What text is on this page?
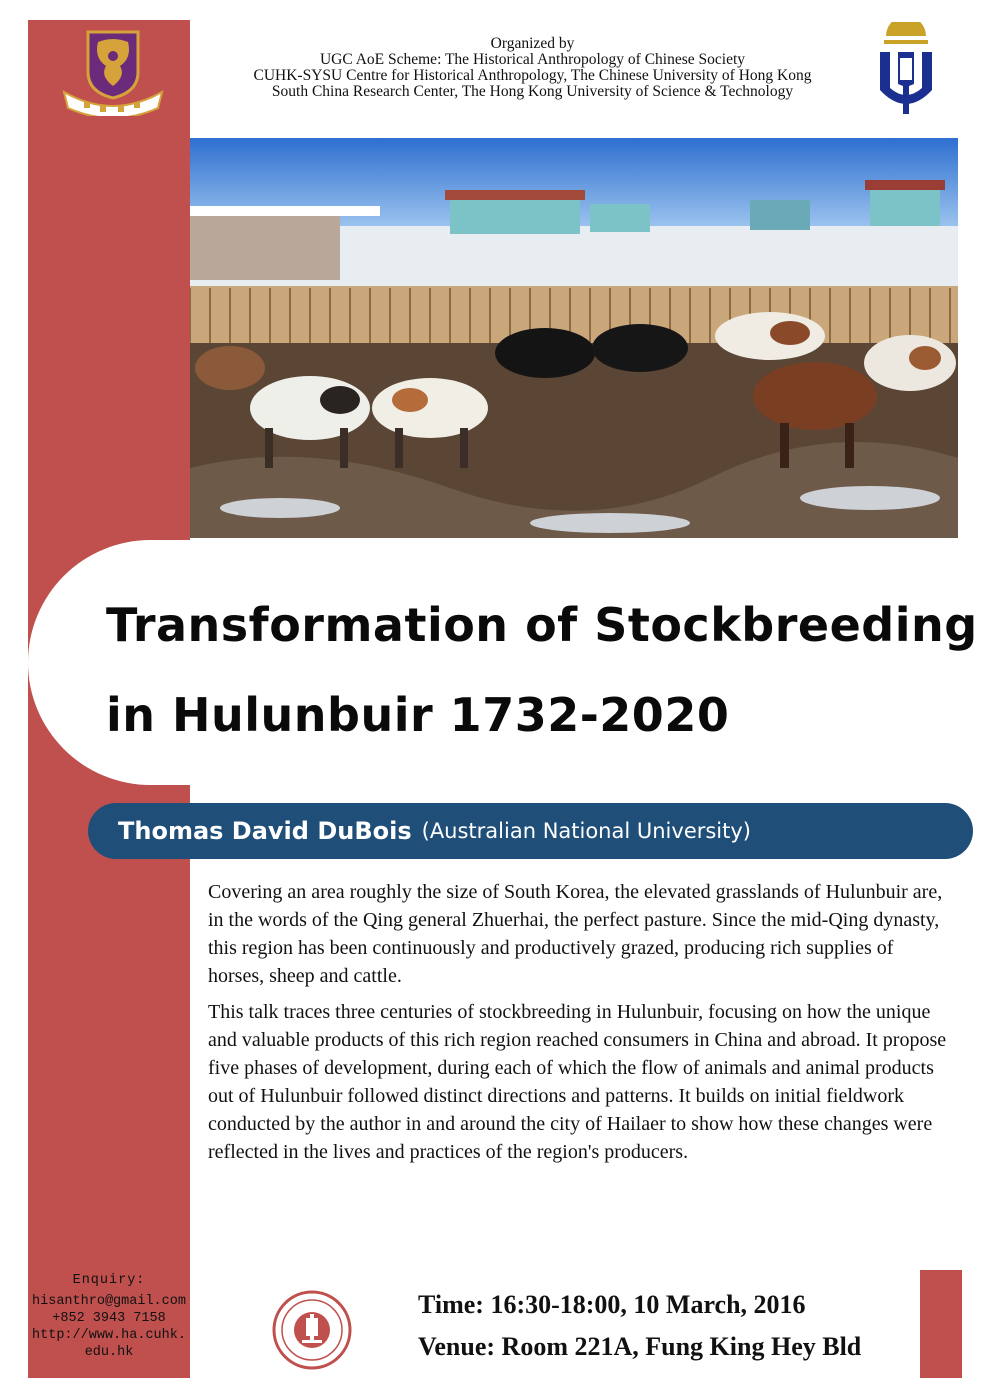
Organized by
UGC AoE Scheme: The Historical Anthropology of Chinese Society
CUHK-SYSU Centre for Historical Anthropology, The Chinese University of Hong Kong
South China Research Center, The Hong Kong University of Science & Technology
Transformation of Stockbreeding
in Hulunbuir 1732-2020
Thomas David DuBois (Australian National University)

Covering an area roughly the size of South Korea, the elevated grasslands of Hulunbuir are, in the words of the Qing general Zhuerhai, the perfect pasture. Since the mid-Qing dynasty, this region has been continuously and productively grazed, producing rich supplies of horses, sheep and cattle.

This talk traces three centuries of stockbreeding in Hulunbuir, focusing on how the unique and valuable products of this rich region reached consumers in China and abroad. It propose five phases of development, during each of which the flow of animals and animal products out of Hulunbuir followed distinct directions and patterns. It builds on initial fieldwork conducted by the author in and around the city of Hailaer to show how these changes were reflected in the lives and practices of the region's producers.

Enquiry:
hisanthro@gmail.com
+852 3943 7158
http://www.ha.cuhk.
edu.hk
Time: 16:30-18:00, 10 March, 2016
Venue: Room 221A, Fung King Hey Bld
